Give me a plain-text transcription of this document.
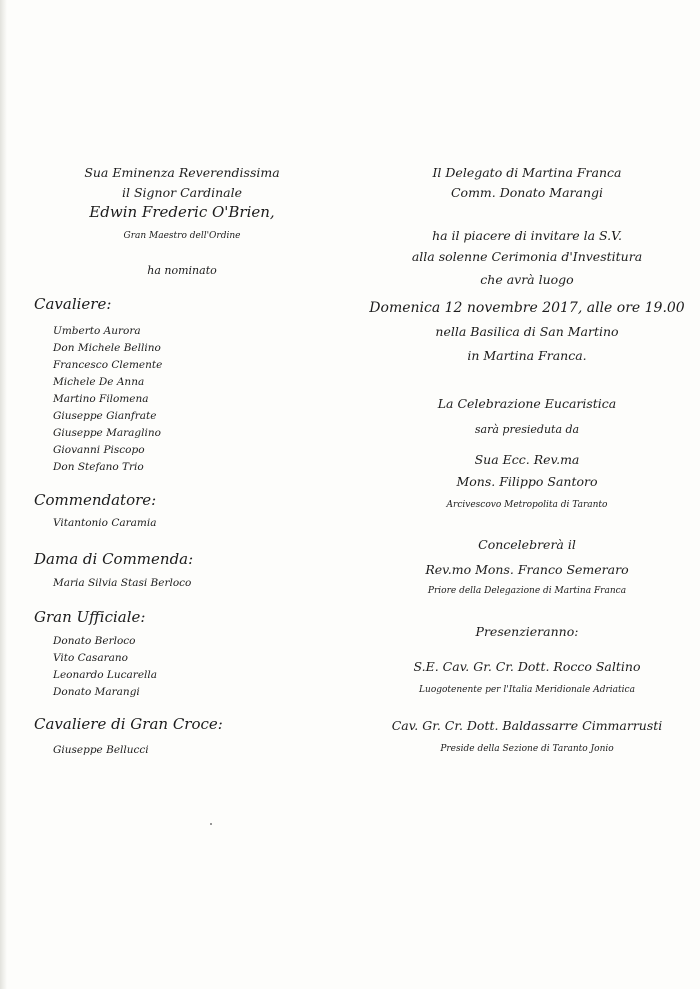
Sua Eminenza Reverendissima
il Signor Cardinale
Edwin Frederic O'Brien,
Gran Maestro dell'Ordine
ha nominato
Cavaliere:
Umberto Aurora
Don Michele Bellino
Francesco Clemente
Michele De Anna
Martino Filomena
Giuseppe Gianfrate
Giuseppe Maraglino
Giovanni Piscopo
Don Stefano Trio
Commendatore:
Vitantonio Caramia
Dama di Commenda:
Maria Silvia Stasi Berloco
Gran Ufficiale:
Donato Berloco
Vito Casarano
Leonardo Lucarella
Donato Marangi
Cavaliere di Gran Croce:
Giuseppe Bellucci
Il Delegato di Martina Franca
Comm. Donato Marangi
ha il piacere di invitare la S.V.
alla solenne Cerimonia d'Investitura
che avrà luogo
Domenica 12 novembre 2017, alle ore 19.00
nella Basilica di San Martino
in Martina Franca.
La Celebrazione Eucaristica
sarà presieduta da
Sua Ecc. Rev.ma
Mons. Filippo Santoro
Arcivescovo Metropolita di Taranto
Concelebrerà il
Rev.mo Mons. Franco Semeraro
Priore della Delegazione di Martina Franca
Presenzieranno:
S.E. Cav. Gr. Cr. Dott. Rocco Saltino
Luogotenente per l'Italia Meridionale Adriatica
Cav. Gr. Cr. Dott. Baldassarre Cimmarrusti
Preside della Sezione di Taranto Jonio
